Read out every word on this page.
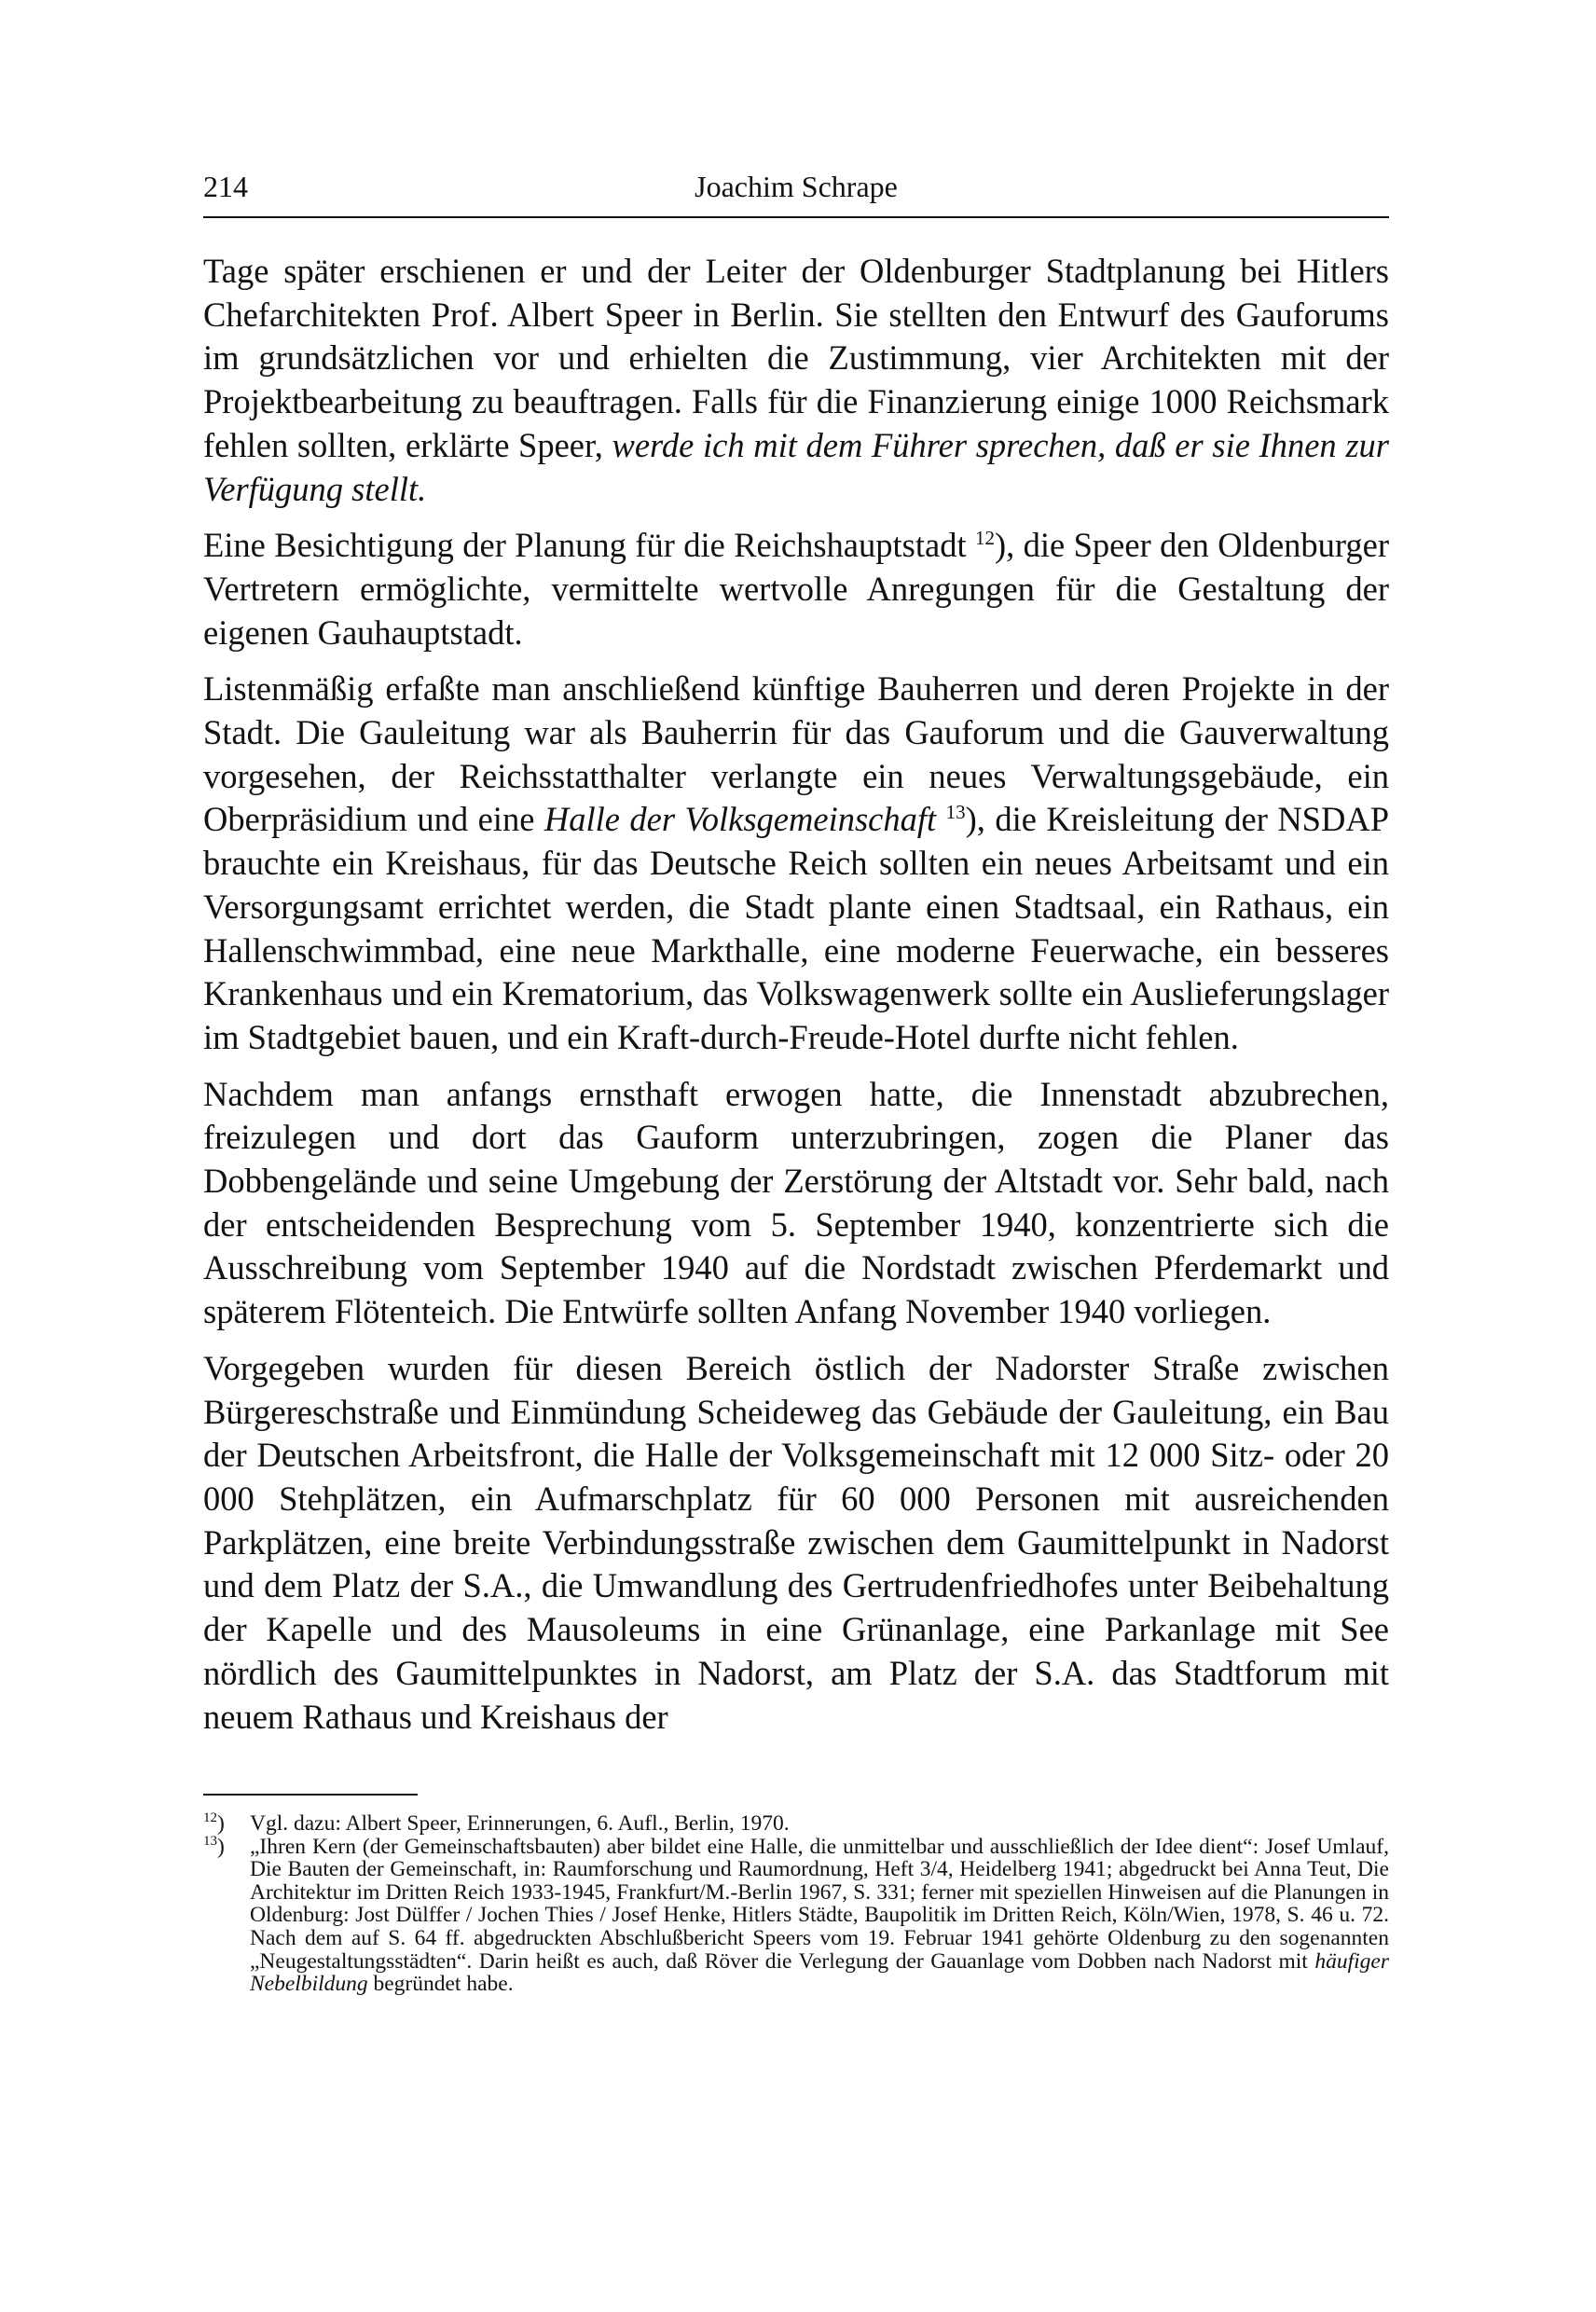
214	Joachim Schrape

Tage später erschienen er und der Leiter der Oldenburger Stadtplanung bei Hitlers Chefarchitekten Prof. Albert Speer in Berlin. Sie stellten den Entwurf des Gauforums im grundsätzlichen vor und erhielten die Zustimmung, vier Architekten mit der Projektbearbeitung zu beauftragen. Falls für die Finanzierung einige 1000 Reichsmark fehlen sollten, erklärte Speer, werde ich mit dem Führer sprechen, daß er sie Ihnen zur Verfügung stellt.

Eine Besichtigung der Planung für die Reichshauptstadt $^{12}$), die Speer den Oldenburger Vertretern ermöglichte, vermittelte wertvolle Anregungen für die Gestaltung der eigenen Gauhauptstadt.

Listenmäßig erfaßte man anschließend künftige Bauherren und deren Projekte in der Stadt. Die Gauleitung war als Bauherrin für das Gauforum und die Gauverwaltung vorgesehen, der Reichsstatthalter verlangte ein neues Verwaltungsgebäude, ein Oberpräsidium und eine Halle der Volksgemeinschaft $^{13}$), die Kreisleitung der NSDAP brauchte ein Kreishaus, für das Deutsche Reich sollten ein neues Arbeitsamt und ein Versorgungsamt errichtet werden, die Stadt plante einen Stadtsaal, ein Rathaus, ein Hallenschwimmbad, eine neue Markthalle, eine moderne Feuerwache, ein besseres Krankenhaus und ein Krematorium, das Volkswagenwerk sollte ein Auslieferungslager im Stadtgebiet bauen, und ein Kraft-durch-Freude-Hotel durfte nicht fehlen.

Nachdem man anfangs ernsthaft erwogen hatte, die Innenstadt abzubrechen, freizulegen und dort das Gauform unterzubringen, zogen die Planer das Dobbengelände und seine Umgebung der Zerstörung der Altstadt vor. Sehr bald, nach der entscheidenden Besprechung vom 5. September 1940, konzentrierte sich die Ausschreibung vom September 1940 auf die Nordstadt zwischen Pferdemarkt und späterem Flötenteich. Die Entwürfe sollten Anfang November 1940 vorliegen.

Vorgegeben wurden für diesen Bereich östlich der Nadorster Straße zwischen Bürgereschstraße und Einmündung Scheideweg das Gebäude der Gauleitung, ein Bau der Deutschen Arbeitsfront, die Halle der Volksgemeinschaft mit 12 000 Sitz- oder 20 000 Stehplätzen, ein Aufmarschplatz für 60 000 Personen mit ausreichenden Parkplätzen, eine breite Verbindungsstraße zwischen dem Gaumittelpunkt in Nadorst und dem Platz der S.A., die Umwandlung des Gertrudenfriedhofes unter Beibehaltung der Kapelle und des Mausoleums in eine Grünanlage, eine Parkanlage mit See nördlich des Gaumittelpunktes in Nadorst, am Platz der S.A. das Stadtforum mit neuem Rathaus und Kreishaus der

$^{12}$) Vgl. dazu: Albert Speer, Erinnerungen, 6. Aufl., Berlin, 1970.

$^{13}$) „Ihren Kern (der Gemeinschaftsbauten) aber bildet eine Halle, die unmittelbar und ausschließlich der Idee dient“: Josef Umlauf, Die Bauten der Gemeinschaft, in: Raumforschung und Raumordnung, Heft 3/4, Heidelberg 1941; abgedruckt bei Anna Teut, Die Architektur im Dritten Reich 1933-1945, Frankfurt/M.-Berlin 1967, S. 331; ferner mit speziellen Hinweisen auf die Planungen in Oldenburg: Jost Dülffer / Jochen Thies / Josef Henke, Hitlers Städte, Baupolitik im Dritten Reich, Köln/Wien, 1978, S. 46 u. 72. Nach dem auf S. 64 ff. abgedruckten Abschlußbericht Speers vom 19. Februar 1941 gehörte Oldenburg zu den sogenannten „Neugestaltungsstädten“. Darin heißt es auch, daß Röver die Verlegung der Gauanlage vom Dobben nach Nadorst mit häufiger Nebelbildung begründet habe.
